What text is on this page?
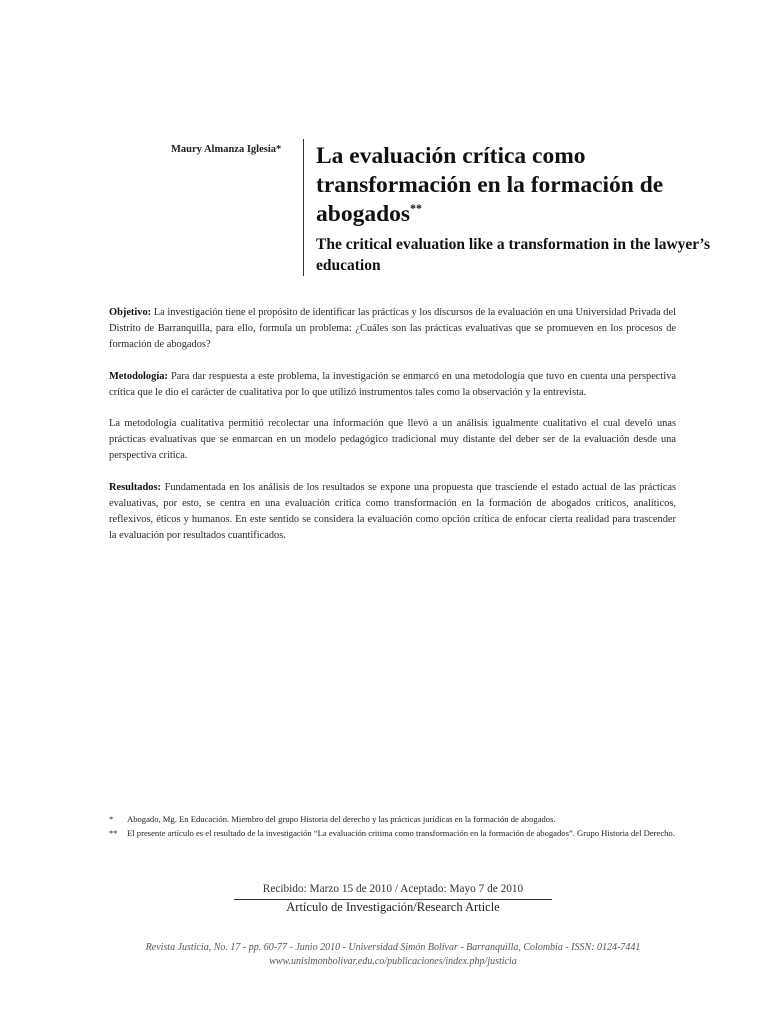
Maury Almanza Iglesia*	La evaluación crítica como transformación en la formación de abogados**
The critical evaluation like a transformation in the lawyer’s education

Objetivo: La investigación tiene el propósito de identificar las prácticas y los discursos de la evaluación en una Universidad Privada del Distrito de Barranquilla, para ello, formula un problema: ¿Cuáles son las prácticas evaluativas que se promueven en los procesos de formación de abogados?

Metodología: Para dar respuesta a este problema, la investigación se enmarcó en una metodología que tuvo en cuenta una perspectiva crítica que le dio el carácter de cualitativa por lo que utilizó instrumentos tales como la observación y la entrevista.

La metodología cualitativa permitió recolectar una información que llevó a un análisis igualmente cualitativo el cual develó unas prácticas evaluativas que se enmarcan en un modelo pedagógico tradicional muy distante del deber ser de la evaluación desde una perspectiva crítica.

Resultados: Fundamentada en los análisis de los resultados se expone una propuesta que trasciende el estado actual de las prácticas evaluativas, por esto, se centra en una evaluación crítica como transformación en la formación de abogados críticos, analíticos, reflexivos, éticos y humanos. En este sentido se considera la evaluación como opción crítica de enfocar cierta realidad para trascender la evaluación por resultados cuantificados.

*	Abogado, Mg. En Educación. Miembro del grupo Historia del derecho y las prácticas jurídicas en la formación de abogados.
**	El presente artículo es el resultado de la investigación “La evaluación critima como transformación en la formación de abogados”. Grupo Historia del Derecho.
Recibido: Marzo 15 de 2010 / Aceptado: Mayo 7 de 2010
Artículo de Investigación/Research Article
Revista Justicia, No. 17 - pp. 60-77 - Junio 2010 - Universidad Simón Bolívar - Barranquilla, Colombia - ISSN: 0124-7441
www.unisimonbolivar.edu.co/publicaciones/index.php/justicia
